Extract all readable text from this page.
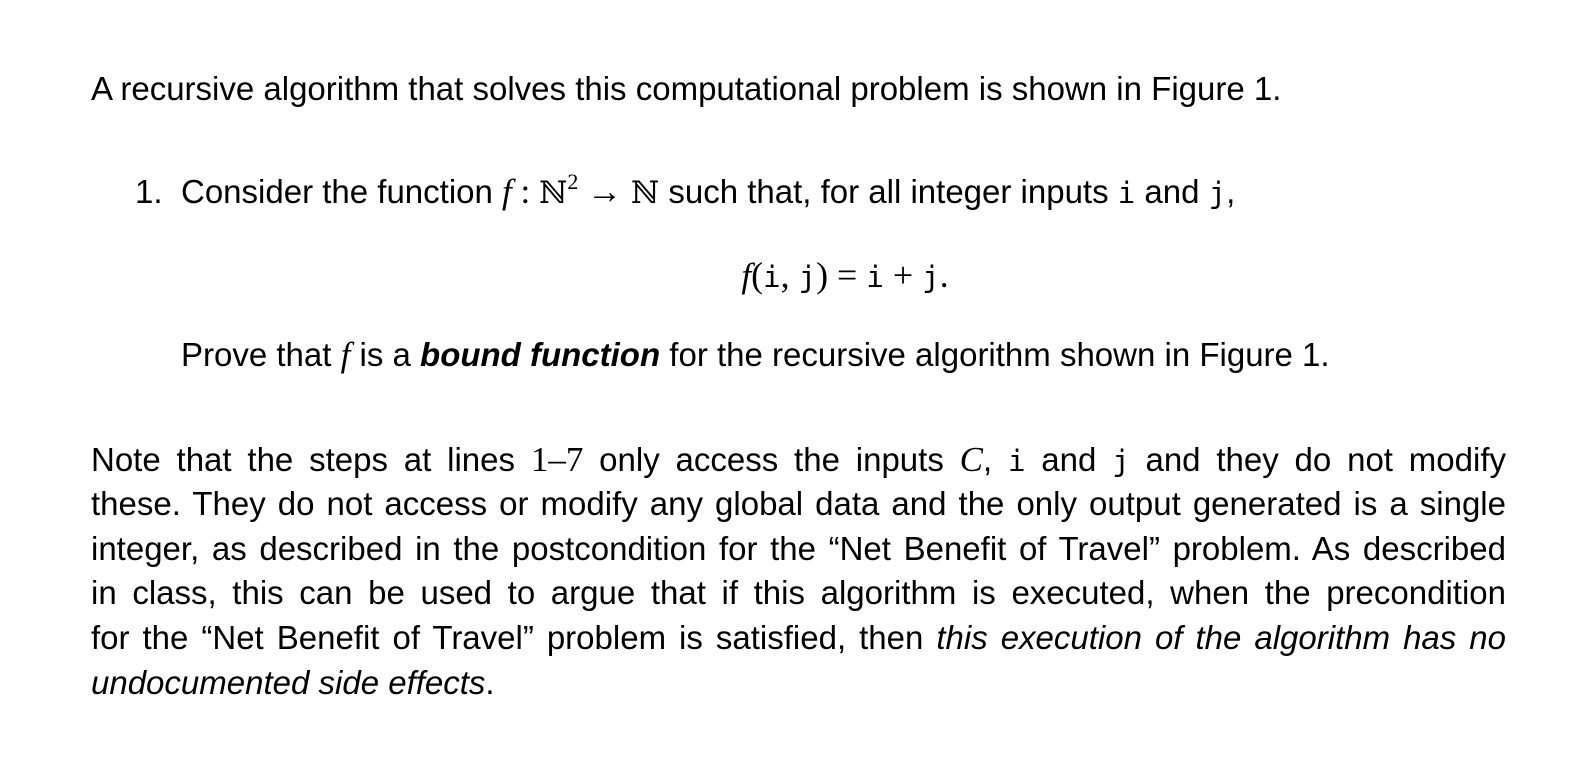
A recursive algorithm that solves this computational problem is shown in Figure 1.
1. Consider the function f : ℕ$^2$ → ℕ such that, for all integer inputs i and j,
f(i, j) = i + j.
Prove that f is a bound function for the recursive algorithm shown in Figure 1.
Note that the steps at lines 1–7 only access the inputs C, i and j and they do not modify
these. They do not access or modify any global data and the only output generated is a single
integer, as described in the postcondition for the “Net Benefit of Travel” problem. As described
in class, this can be used to argue that if this algorithm is executed, when the precondition
for the “Net Benefit of Travel” problem is satisfied, then this execution of the algorithm has no
undocumented side effects.
